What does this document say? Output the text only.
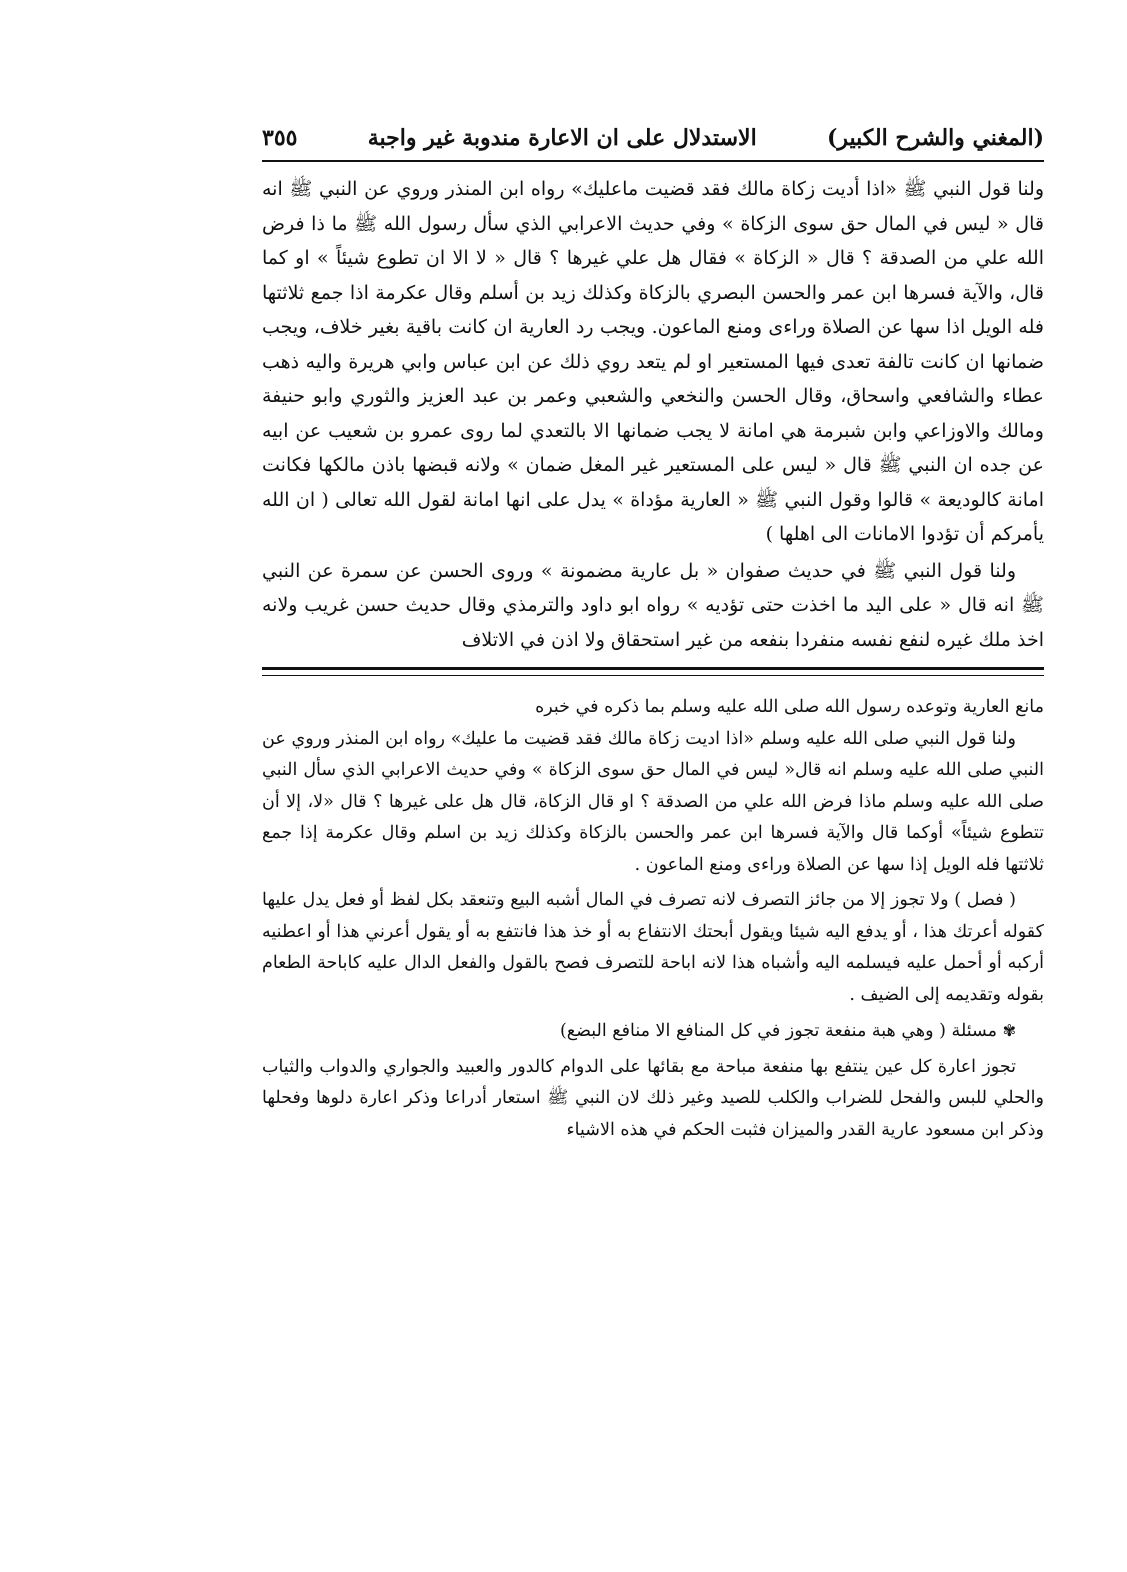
(المغني والشرح الكبير)
الاستدلال على ان الاعارة مندوبة غير واجبة
٣٥٥

ولنا قول النبي ﷺ «اذا أديت زكاة مالك فقد قضيت ماعليك» رواه ابن المنذر وروي عن النبي ﷺ انه قال « ليس في المال حق سوى الزكاة » وفي حديث الاعرابي الذي سأل رسول الله ﷺ ما ذا فرض الله علي من الصدقة ؟ قال « الزكاة » فقال هل علي غيرها ؟ قال « لا الا ان تطوع شيئاً » او كما قال، والآية فسرها ابن عمر والحسن البصري بالزكاة وكذلك زيد بن أسلم وقال عكرمة اذا جمع ثلاثتها فله الويل اذا سها عن الصلاة وراءى ومنع الماعون. ويجب رد العارية ان كانت باقية بغير خلاف، ويجب ضمانها ان كانت تالفة تعدى فيها المستعير او لم يتعد روي ذلك عن ابن عباس وابي هريرة واليه ذهب عطاء والشافعي واسحاق، وقال الحسن والنخعي والشعبي وعمر بن عبد العزيز والثوري وابو حنيفة ومالك والاوزاعي وابن شبرمة هي امانة لا يجب ضمانها الا بالتعدي لما روى عمرو بن شعيب عن ابيه عن جده ان النبي ﷺ قال « ليس على المستعير غير المغل ضمان » ولانه قبضها باذن مالكها فكانت امانة كالوديعة » قالوا وقول النبي ﷺ « العارية مؤداة » يدل على انها امانة لقول الله تعالى ( ان الله يأمركم أن تؤدوا الامانات الى اهلها )

ولنا قول النبي ﷺ في حديث صفوان « بل عارية مضمونة » وروى الحسن عن سمرة عن النبي ﷺ انه قال « على اليد ما اخذت حتى تؤديه » رواه ابو داود والترمذي وقال حديث حسن غريب ولانه اخذ ملك غيره لنفع نفسه منفردا بنفعه من غير استحقاق ولا اذن في الاتلاف

مانع العارية وتوعده رسول الله صلى الله عليه وسلم بما ذكره في خبره

ولنا قول النبي صلى الله عليه وسلم «اذا اديت زكاة مالك فقد قضيت ما عليك» رواه ابن المنذر وروي عن النبي صلى الله عليه وسلم انه قال« ليس في المال حق سوى الزكاة » وفي حديث الاعرابي الذي سأل النبي صلى الله عليه وسلم ماذا فرض الله علي من الصدقة ؟ او قال الزكاة، قال هل على غيرها ؟ قال «لا، إلا أن تتطوع شيئاً» أوكما قال والآية فسرها ابن عمر والحسن بالزكاة وكذلك زيد بن اسلم وقال عكرمة إذا جمع ثلاثتها فله الويل إذا سها عن الصلاة وراءى ومنع الماعون .

( فصل ) ولا تجوز إلا من جائز التصرف لانه تصرف في المال أشبه البيع وتنعقد بكل لفظ أو فعل يدل عليها كقوله أعرتك هذا ، أو يدفع اليه شيئا ويقول أبحتك الانتفاع به أو خذ هذا فانتفع به أو يقول أعرني هذا أو اعطنيه أركبه أو أحمل عليه فيسلمه اليه وأشباه هذا لانه اباحة للتصرف فصح بالقول والفعل الدال عليه كاباحة الطعام بقوله وتقديمه إلى الضيف .

✾ مسئلة ( وهي هبة منفعة تجوز في كل المنافع الا منافع البضع)

تجوز اعارة كل عين ينتفع بها منفعة مباحة مع بقائها على الدوام كالدور والعبيد والجواري والدواب والثياب والحلي للبس والفحل للضراب والكلب للصيد وغير ذلك لان النبي ﷺ استعار أدراعا وذكر اعارة دلوها وفحلها وذكر ابن مسعود عارية القدر والميزان فثبت الحكم في هذه الاشياء
